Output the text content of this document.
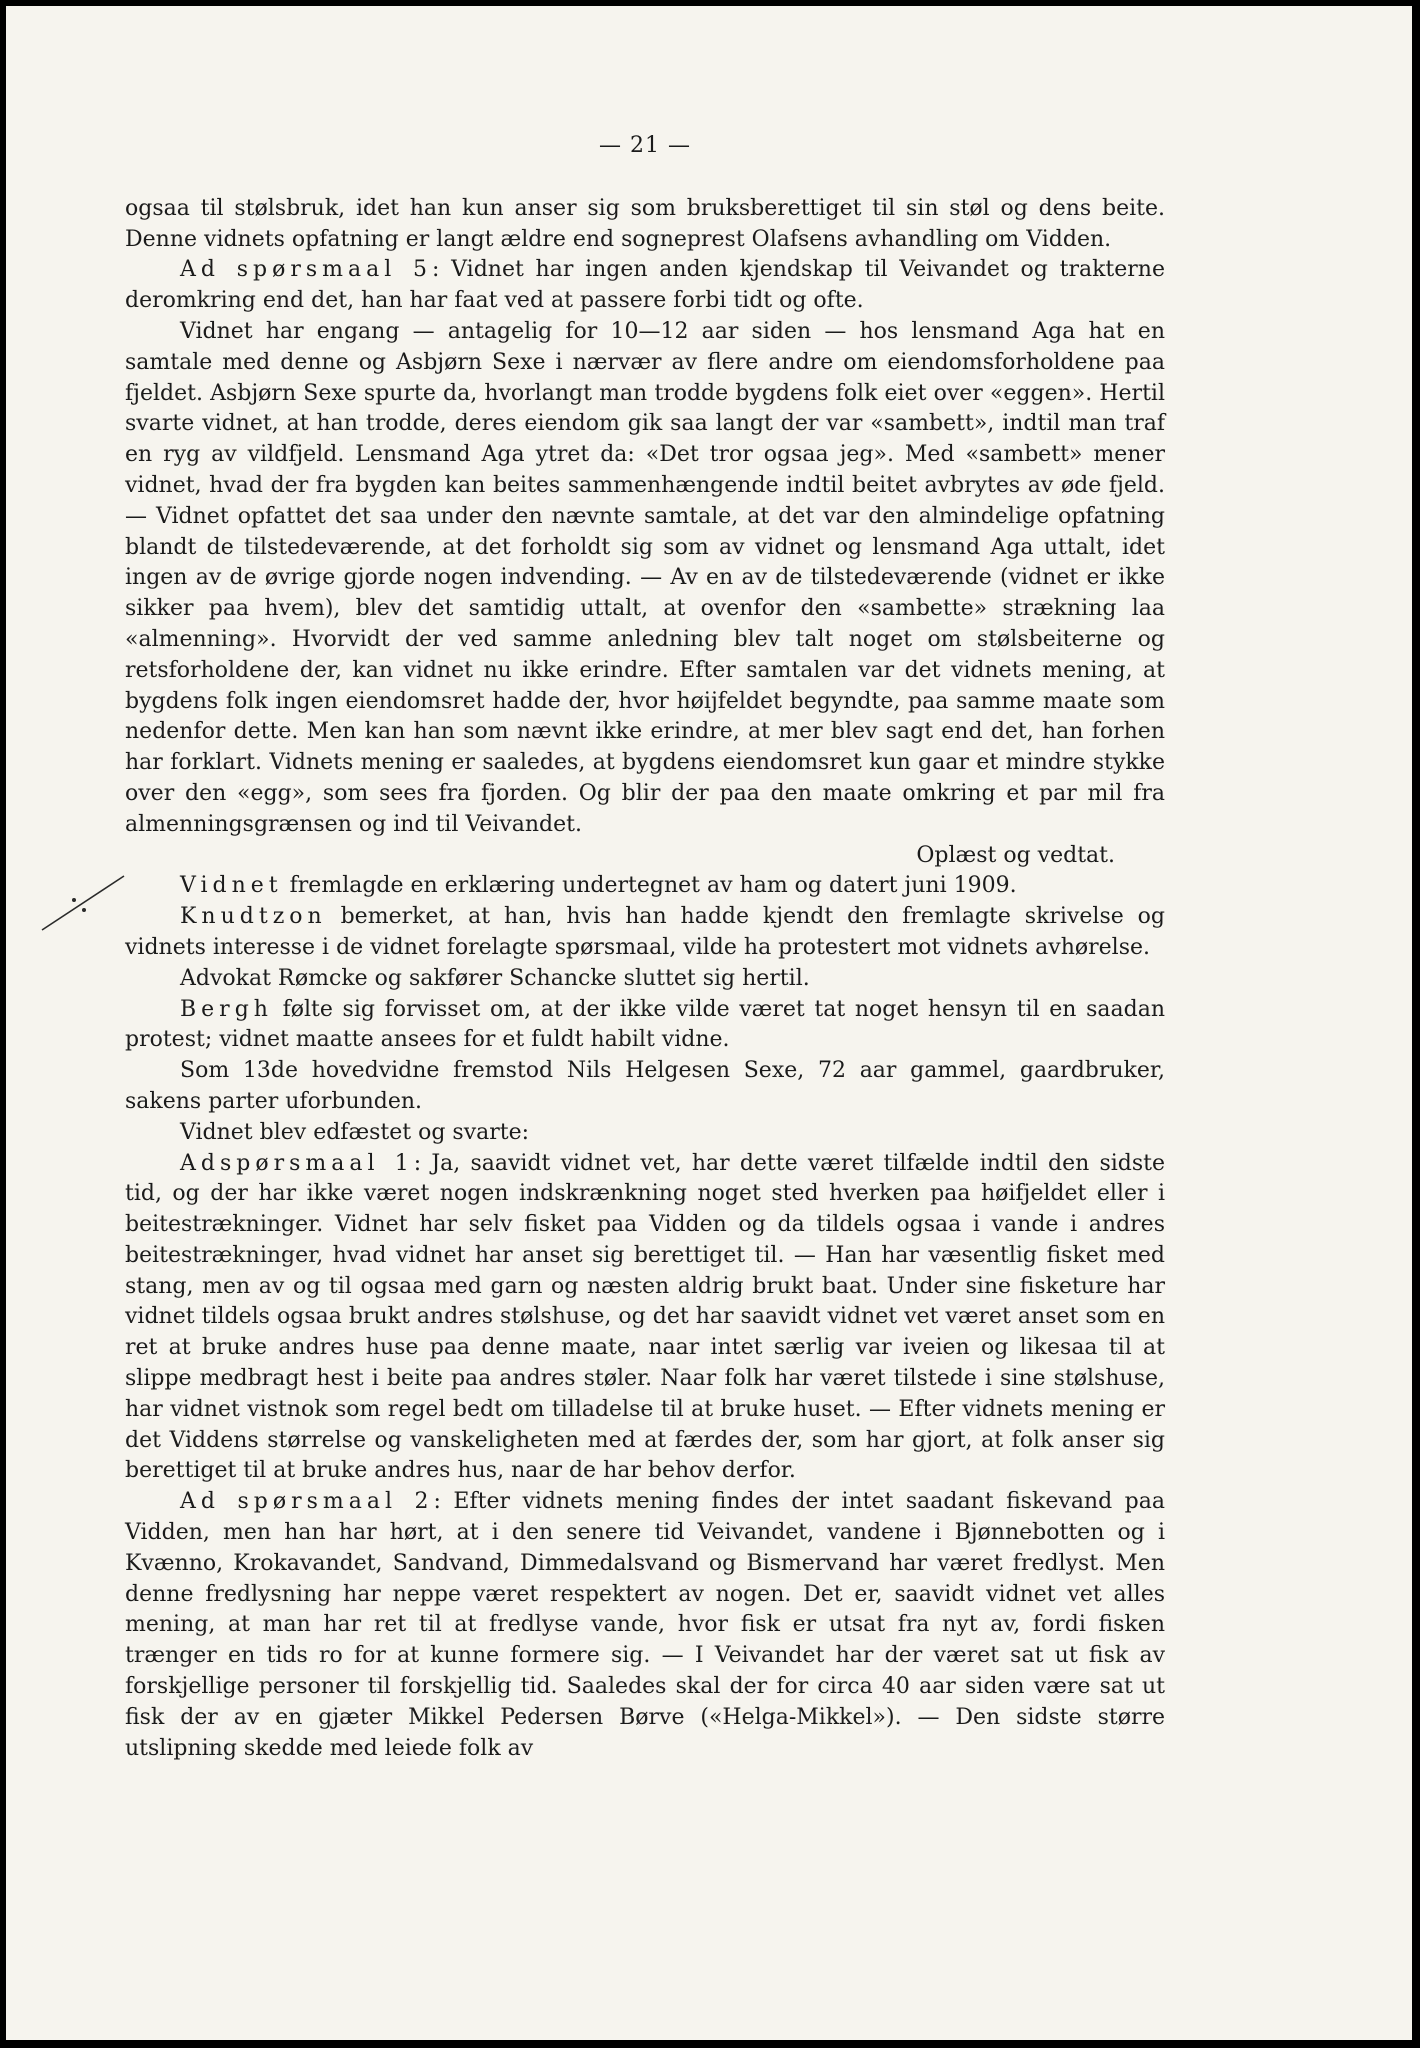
— 21 —

ogsaa til stølsbruk, idet han kun anser sig som bruksberettiget til sin støl og dens beite. Denne vidnets opfatning er langt ældre end sogneprest Olafsens avhandling om Vidden.

Ad spørsmaal 5: Vidnet har ingen anden kjendskap til Veivandet og trakterne deromkring end det, han har faat ved at passere forbi tidt og ofte.

Vidnet har engang — antagelig for 10—12 aar siden — hos lensmand Aga hat en samtale med denne og Asbjørn Sexe i nærvær av flere andre om eiendomsforholdene paa fjeldet. Asbjørn Sexe spurte da, hvorlangt man trodde bygdens folk eiet over «eggen». Hertil svarte vidnet, at han trodde, deres eiendom gik saa langt der var «sambett», indtil man traf en ryg av vildfjeld. Lensmand Aga ytret da: «Det tror ogsaa jeg». Med «sambett» mener vidnet, hvad der fra bygden kan beites sammenhængende indtil beitet avbrytes av øde fjeld. — Vidnet opfattet det saa under den nævnte samtale, at det var den almindelige opfatning blandt de tilstedeværende, at det forholdt sig som av vidnet og lensmand Aga uttalt, idet ingen av de øvrige gjorde nogen indvending. — Av en av de tilstedeværende (vidnet er ikke sikker paa hvem), blev det samtidig uttalt, at ovenfor den «sambette» strækning laa «almenning». Hvorvidt der ved samme anledning blev talt noget om stølsbeiterne og retsforholdene der, kan vidnet nu ikke erindre. Efter samtalen var det vidnets mening, at bygdens folk ingen eiendomsret hadde der, hvor høijfeldet begyndte, paa samme maate som nedenfor dette. Men kan han som nævnt ikke erindre, at mer blev sagt end det, han forhen har forklart. Vidnets mening er saaledes, at bygdens eiendomsret kun gaar et mindre stykke over den «egg», som sees fra fjorden. Og blir der paa den maate omkring et par mil fra almenningsgrænsen og ind til Veivandet.

Oplæst og vedtat.

Vidnet fremlagde en erklæring undertegnet av ham og datert juni 1909.

Knudtzon bemerket, at han, hvis han hadde kjendt den fremlagte skrivelse og vidnets interesse i de vidnet forelagte spørsmaal, vilde ha protestert mot vidnets avhørelse.

Advokat Rømcke og sakfører Schancke sluttet sig hertil.

Bergh følte sig forvisset om, at der ikke vilde været tat noget hensyn til en saadan protest; vidnet maatte ansees for et fuldt habilt vidne.

Som 13de hovedvidne fremstod Nils Helgesen Sexe, 72 aar gammel, gaardbruker, sakens parter uforbunden.

Vidnet blev edfæstet og svarte:

Adspørsmaal 1: Ja, saavidt vidnet vet, har dette været tilfælde indtil den sidste tid, og der har ikke været nogen indskrænkning noget sted hverken paa høifjeldet eller i beitestrækninger. Vidnet har selv fisket paa Vidden og da tildels ogsaa i vande i andres beitestrækninger, hvad vidnet har anset sig berettiget til. — Han har væsentlig fisket med stang, men av og til ogsaa med garn og næsten aldrig brukt baat. Under sine fisketure har vidnet tildels ogsaa brukt andres stølshuse, og det har saavidt vidnet vet været anset som en ret at bruke andres huse paa denne maate, naar intet særlig var iveien og likesaa til at slippe medbragt hest i beite paa andres støler. Naar folk har været tilstede i sine stølshuse, har vidnet vistnok som regel bedt om tilladelse til at bruke huset. — Efter vidnets mening er det Viddens størrelse og vanskeligheten med at færdes der, som har gjort, at folk anser sig berettiget til at bruke andres hus, naar de har behov derfor.

Ad spørsmaal 2: Efter vidnets mening findes der intet saadant fiskevand paa Vidden, men han har hørt, at i den senere tid Veivandet, vandene i Bjønnebotten og i Kvænno, Krokavandet, Sandvand, Dimmedalsvand og Bismervand har været fredlyst. Men denne fredlysning har neppe været respektert av nogen. Det er, saavidt vidnet vet alles mening, at man har ret til at fredlyse vande, hvor fisk er utsat fra nyt av, fordi fisken trænger en tids ro for at kunne formere sig. — I Veivandet har der været sat ut fisk av forskjellige personer til forskjellig tid. Saaledes skal der for circa 40 aar siden være sat ut fisk der av en gjæter Mikkel Pedersen Børve («Helga-Mikkel»). — Den sidste større utslipning skedde med leiede folk av
